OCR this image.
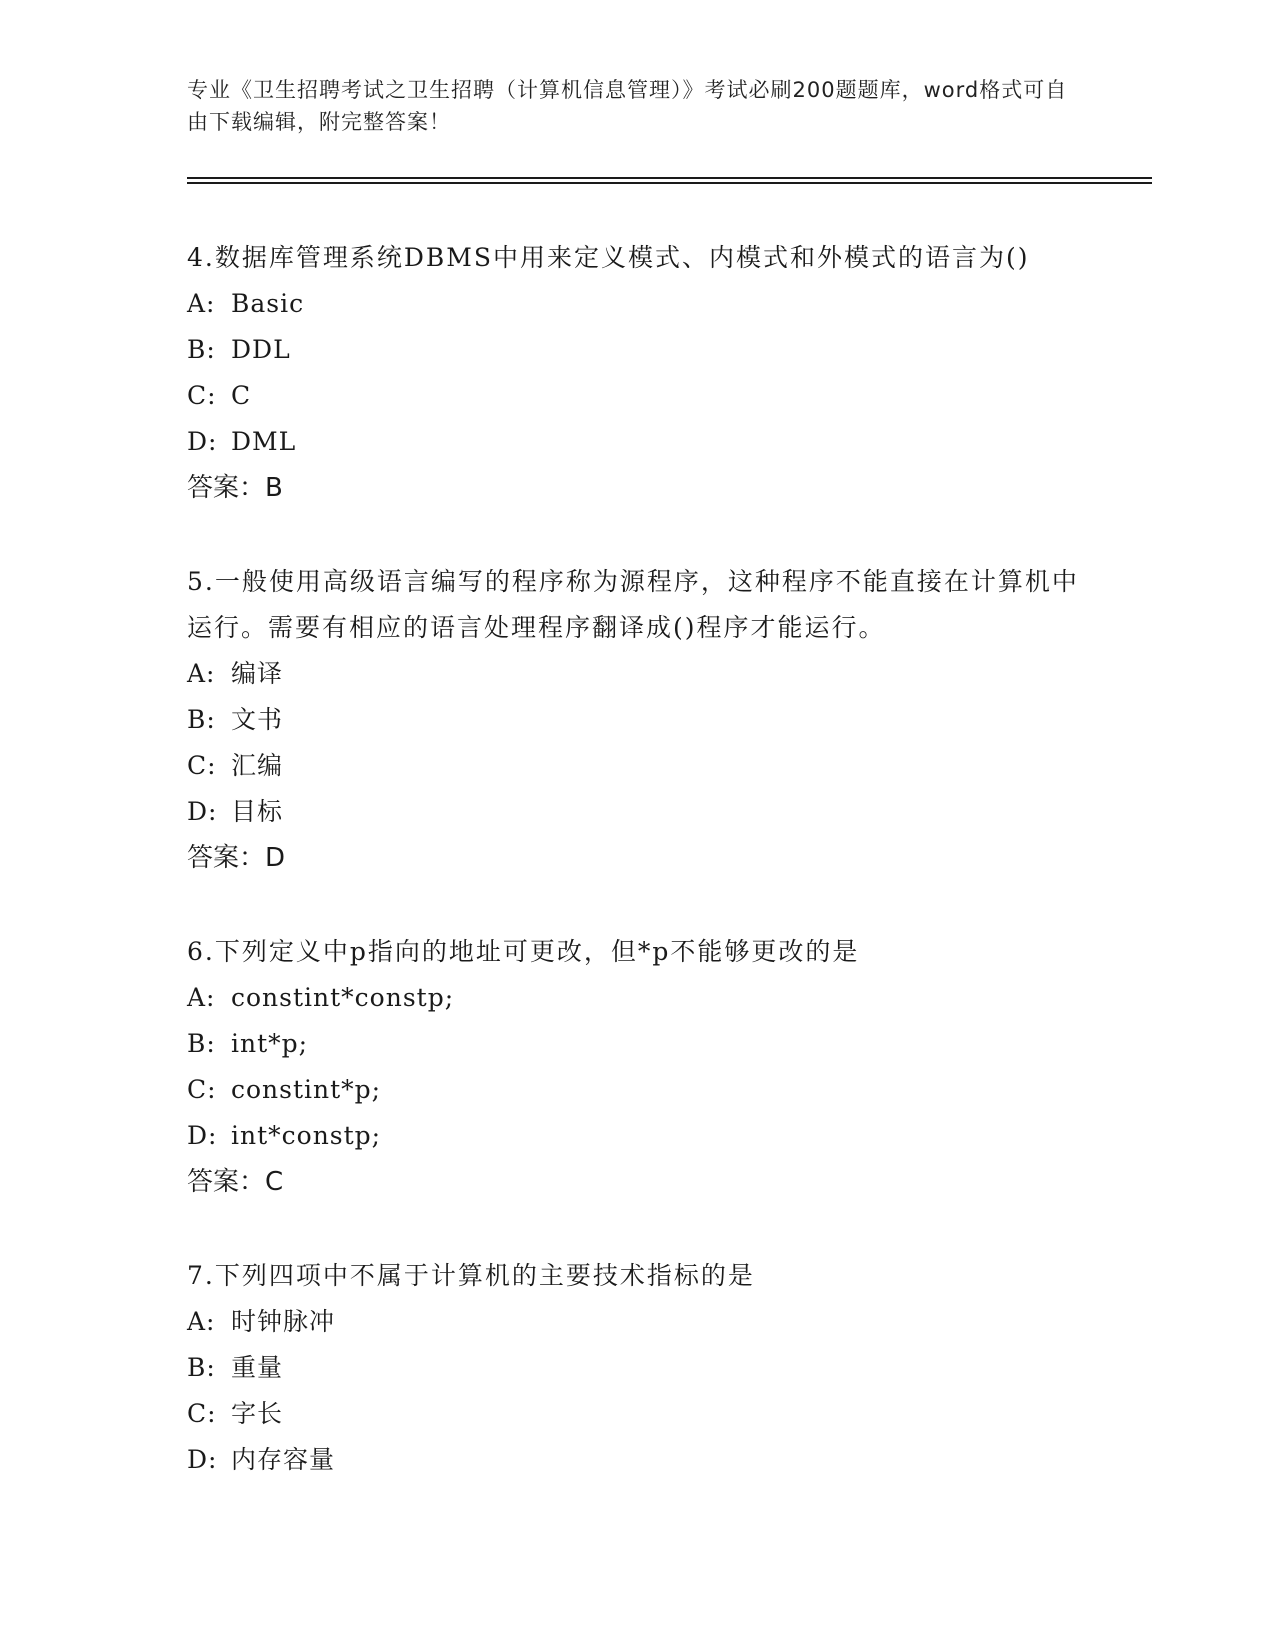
专业《卫生招聘考试之卫生招聘（计算机信息管理）》考试必刷200题题库，word格式可自由下载编辑，附完整答案！

4.数据库管理系统DBMS中用来定义模式、内模式和外模式的语言为()

A: Basic

B: DDL

C: C

D: DML

答案：B

5.一般使用高级语言编写的程序称为源程序，这种程序不能直接在计算机中运行。需要有相应的语言处理程序翻译成()程序才能运行。

A: 编译

B: 文书

C: 汇编

D: 目标

答案：D

6.下列定义中p指向的地址可更改，但*p不能够更改的是

A: constint*constp;

B: int*p;

C: constint*p;

D: int*constp;

答案：C

7.下列四项中不属于计算机的主要技术指标的是

A: 时钟脉冲

B: 重量

C: 字长

D: 内存容量
